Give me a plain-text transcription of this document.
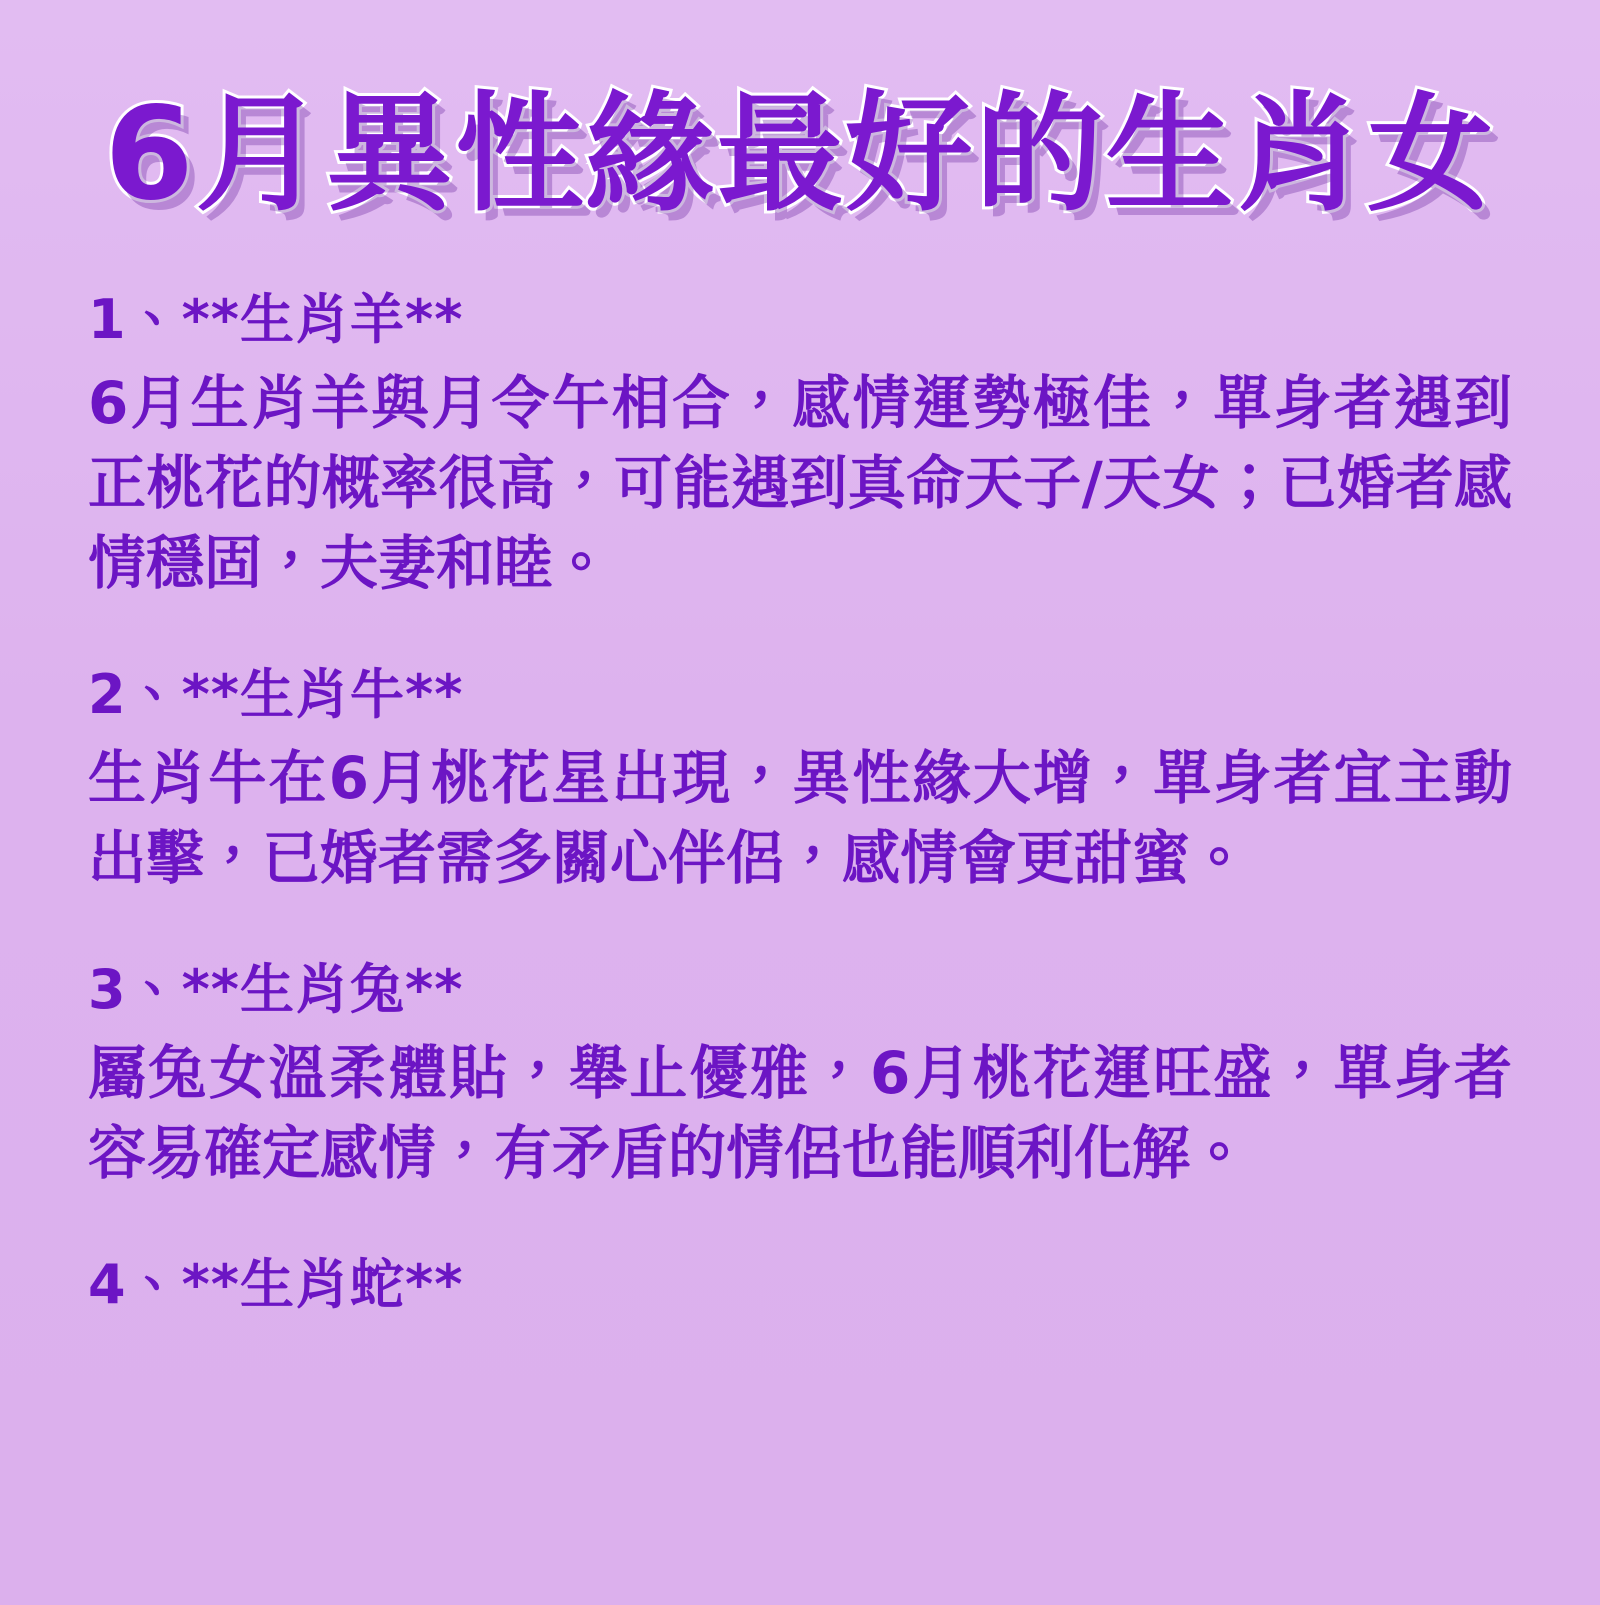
6月異性緣最好的生肖女
1、**生肖羊**
6月生肖羊與月令午相合，感情運勢極佳，單身者遇到正桃花的概率很高，可能遇到真命天子/天女；已婚者感情穩固，夫妻和睦。
2、**生肖牛**
生肖牛在6月桃花星出現，異性緣大增，單身者宜主動出擊，已婚者需多關心伴侶，感情會更甜蜜。
3、**生肖兔**
屬兔女溫柔體貼，舉止優雅，6月桃花運旺盛，單身者容易確定感情，有矛盾的情侶也能順利化解。
4、**生肖蛇**
